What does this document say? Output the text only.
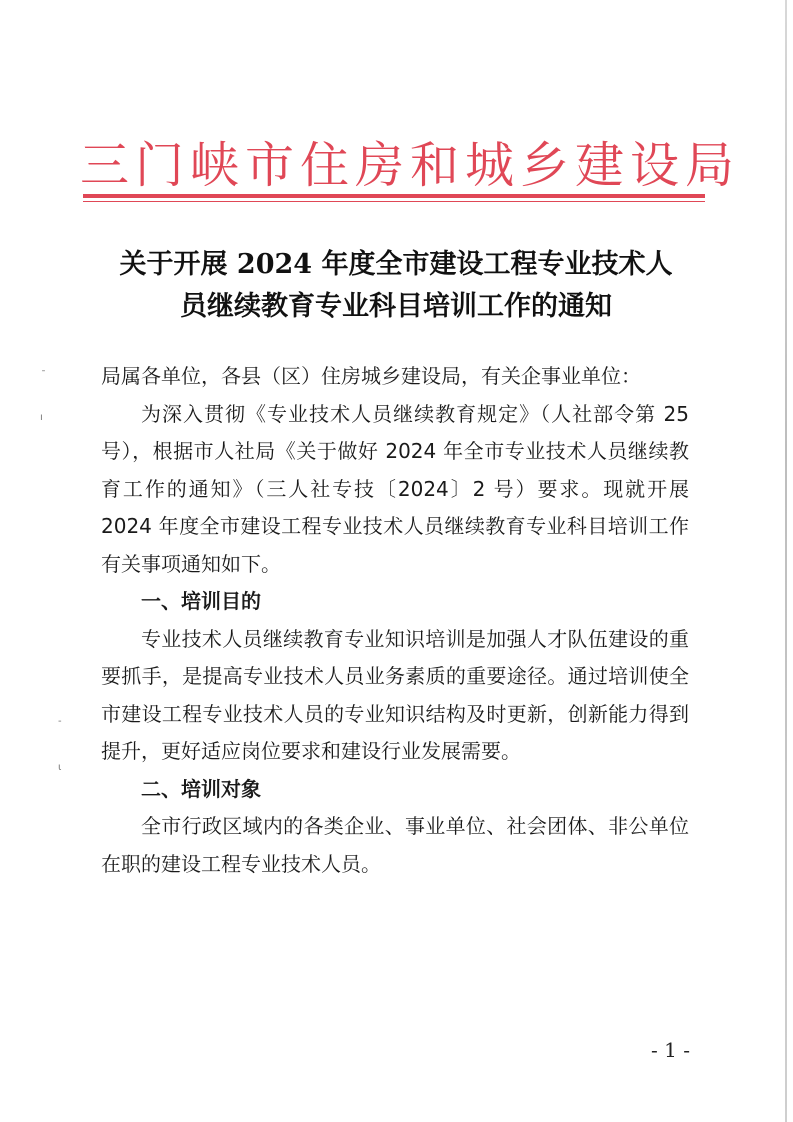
ˉ
ı
-
ι
三门峡市住房和城乡建设局
关于开展 2024 年度全市建设工程专业技术人
员继续教育专业科目培训工作的通知

局属各单位，各县（区）住房城乡建设局，有关企事业单位：

为深入贯彻《专业技术人员继续教育规定》（人社部令第 25 号），根据市人社局《关于做好 2024 年全市专业技术人员继续教育工作的通知》（三人社专技〔2024〕2 号）要求。现就开展 2024 年度全市建设工程专业技术人员继续教育专业科目培训工作有关事项通知如下。

一、培训目的

专业技术人员继续教育专业知识培训是加强人才队伍建设的重要抓手，是提高专业技术人员业务素质的重要途径。通过培训使全市建设工程专业技术人员的专业知识结构及时更新，创新能力得到提升，更好适应岗位要求和建设行业发展需要。

二、培训对象

全市行政区域内的各类企业、事业单位、社会团体、非公单位在职的建设工程专业技术人员。

- 1 -
